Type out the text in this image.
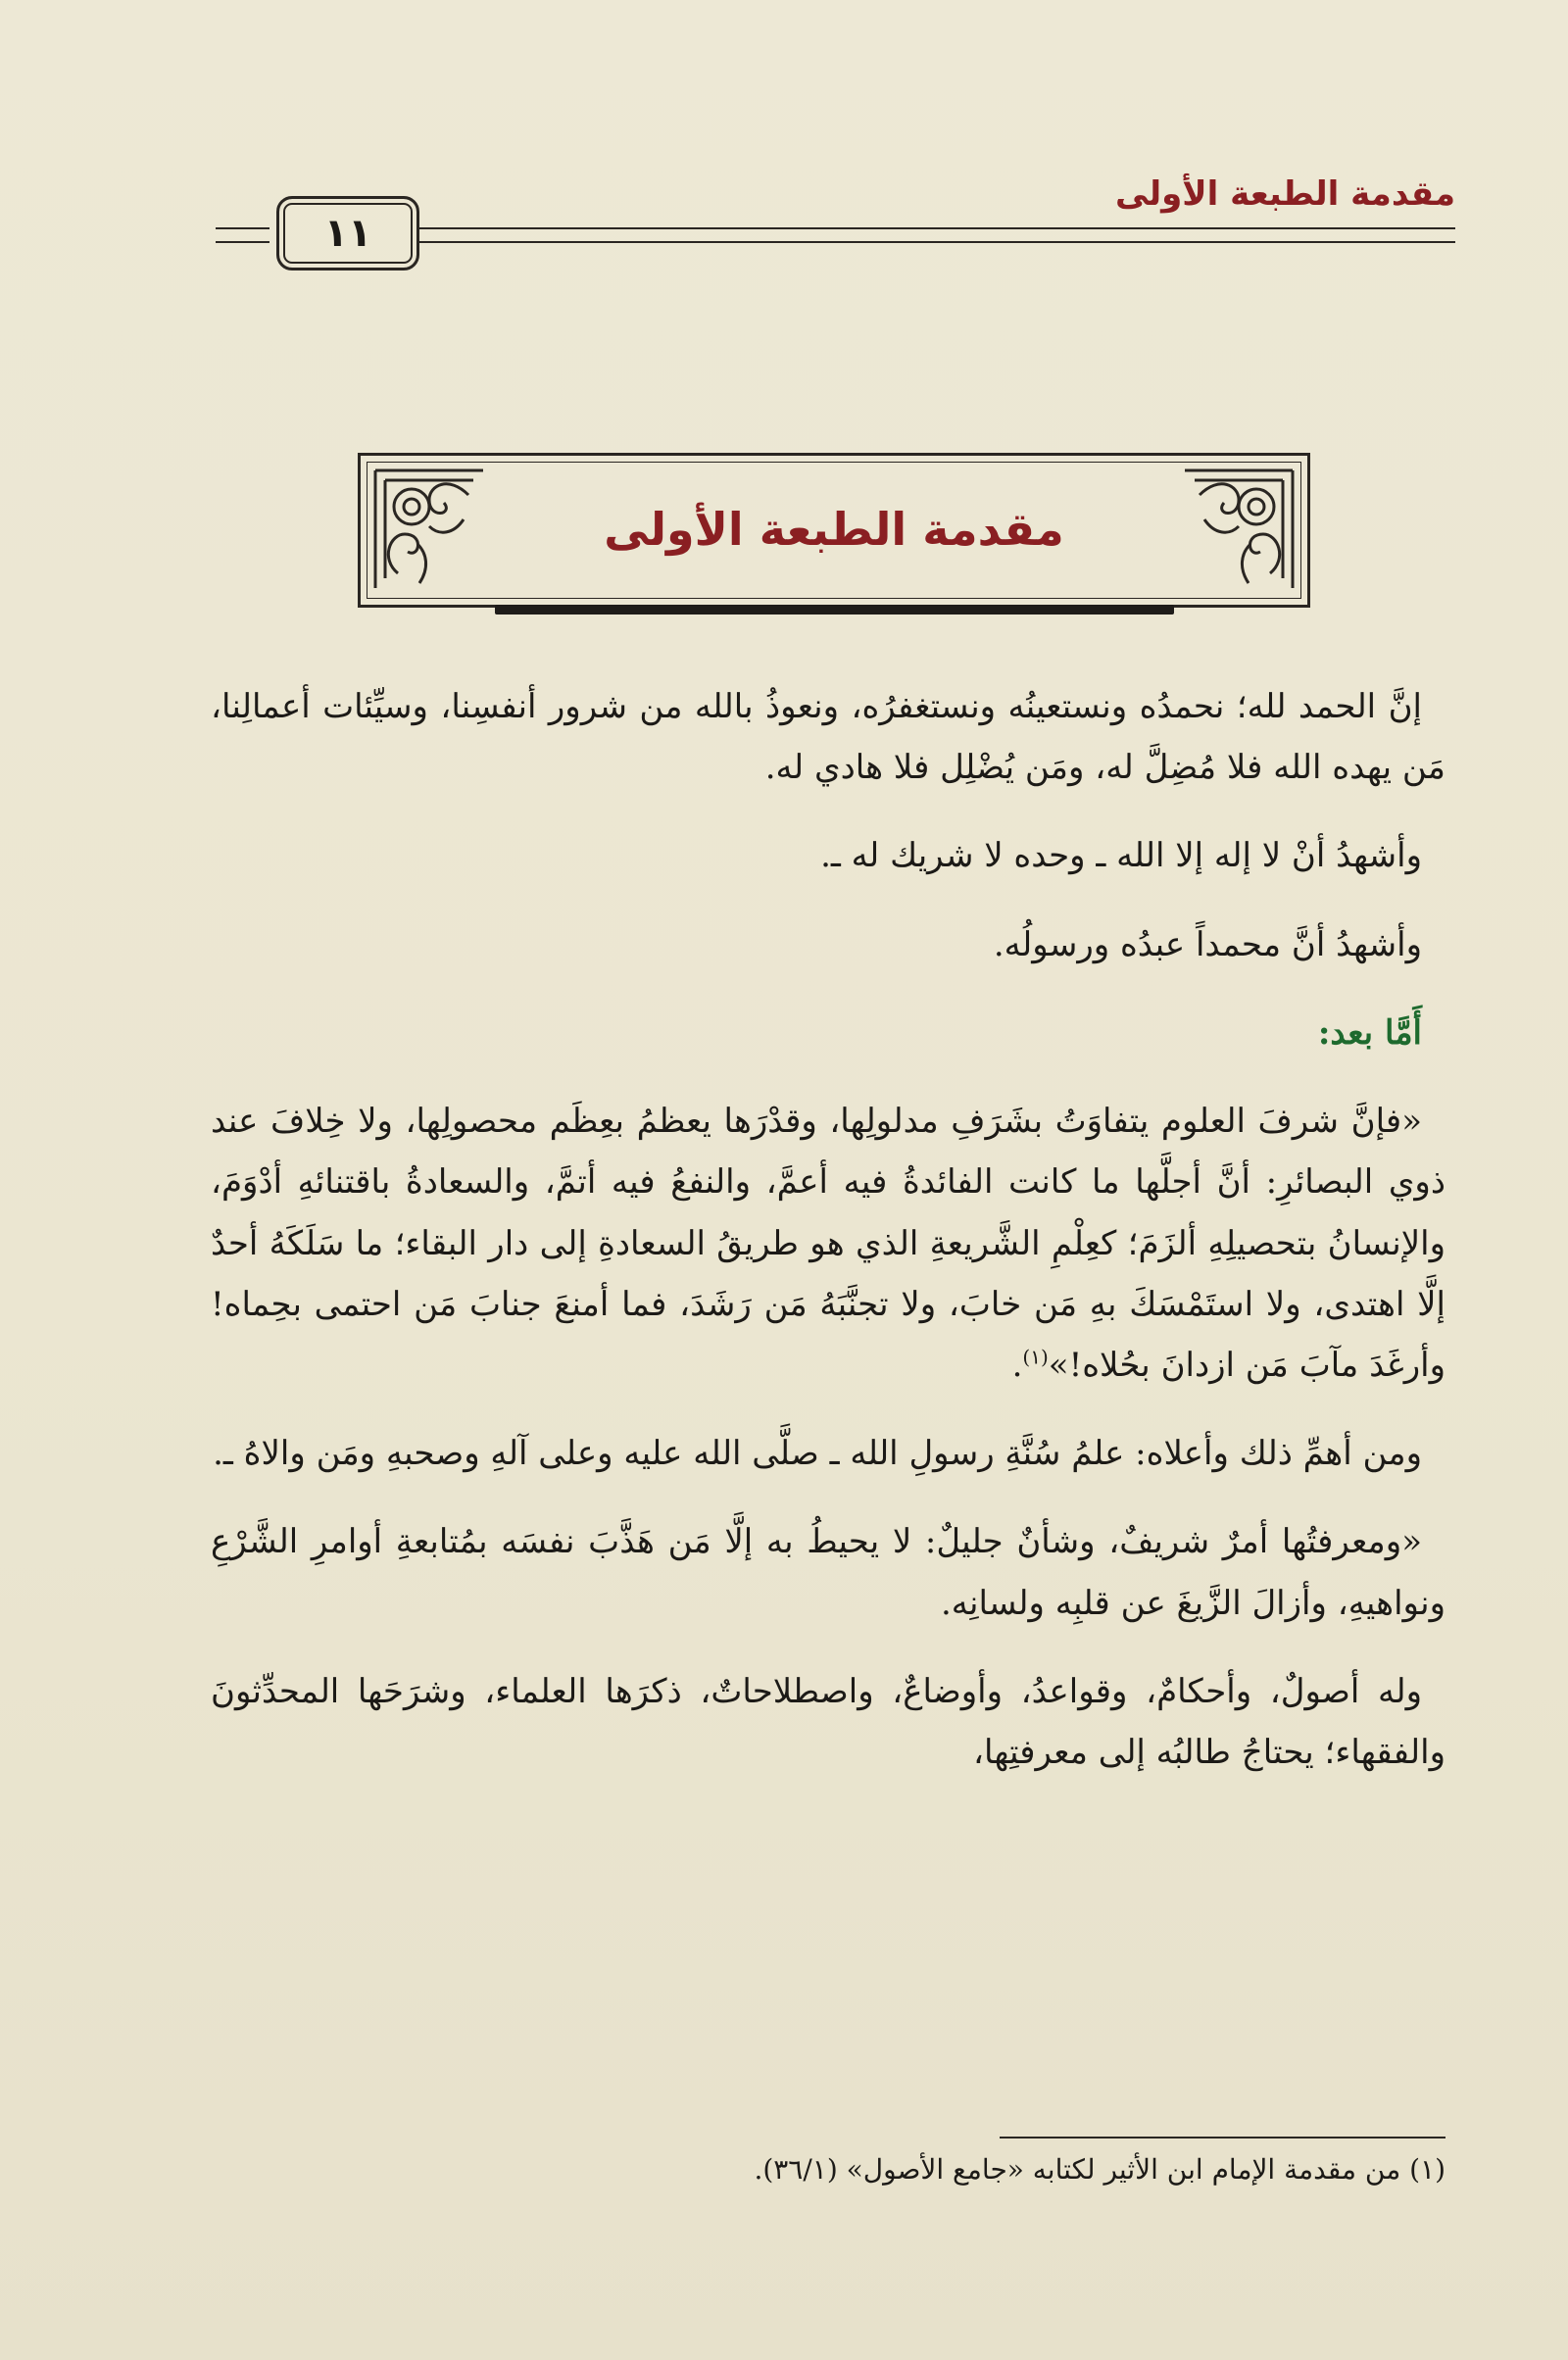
مقدمة الطبعة الأولى
١١
مقدمة الطبعة الأولى

إنَّ الحمد لله؛ نحمدُه ونستعينُه ونستغفرُه، ونعوذُ بالله من شرور أنفسِنا، وسيِّئات أعمالِنا، مَن يهده الله فلا مُضِلَّ له، ومَن يُضْلِل فلا هادي له.

وأشهدُ أنْ لا إله إلا الله ـ وحده لا شريك له ـ.

وأشهدُ أنَّ محمداً عبدُه ورسولُه.

أَمَّا بعد:

«فإنَّ شرفَ العلوم يتفاوَتُ بشَرَفِ مدلولِها، وقدْرَها يعظمُ بعِظَم محصولِها، ولا خِلافَ عند ذوي البصائرِ: أنَّ أجلَّها ما كانت الفائدةُ فيه أعمَّ، والنفعُ فيه أتمَّ، والسعادةُ باقتنائهِ أدْوَمَ، والإنسانُ بتحصيلِهِ ألزَمَ؛ كعِلْمِ الشَّريعةِ الذي هو طريقُ السعادةِ إلى دار البقاء؛ ما سَلَكَهُ أحدٌ إلَّا اهتدى، ولا استَمْسَكَ بهِ مَن خابَ، ولا تجنَّبَهُ مَن رَشَدَ، فما أمنعَ جنابَ مَن احتمى بحِماه! وأرغَدَ مآبَ مَن ازدانَ بحُلاه!»$^{(١)}$.

ومن أهمِّ ذلك وأعلاه: علمُ سُنَّةِ رسولِ الله ـ صلَّى الله عليه وعلى آلهِ وصحبهِ ومَن والاهُ ـ.

«ومعرفتُها أمرٌ شريفٌ، وشأنٌ جليلٌ: لا يحيطُ به إلَّا مَن هَذَّبَ نفسَه بمُتابعةِ أوامرِ الشَّرْعِ ونواهيهِ، وأزالَ الزَّيغَ عن قلبِه ولسانِه.

وله أصولٌ، وأحكامٌ، وقواعدُ، وأوضاعٌ، واصطلاحاتٌ، ذكرَها العلماء، وشرَحَها المحدِّثونَ والفقهاء؛ يحتاجُ طالبُه إلى معرفتِها،

(١) من مقدمة الإمام ابن الأثير لكتابه «جامع الأصول» (٣٦/١).
